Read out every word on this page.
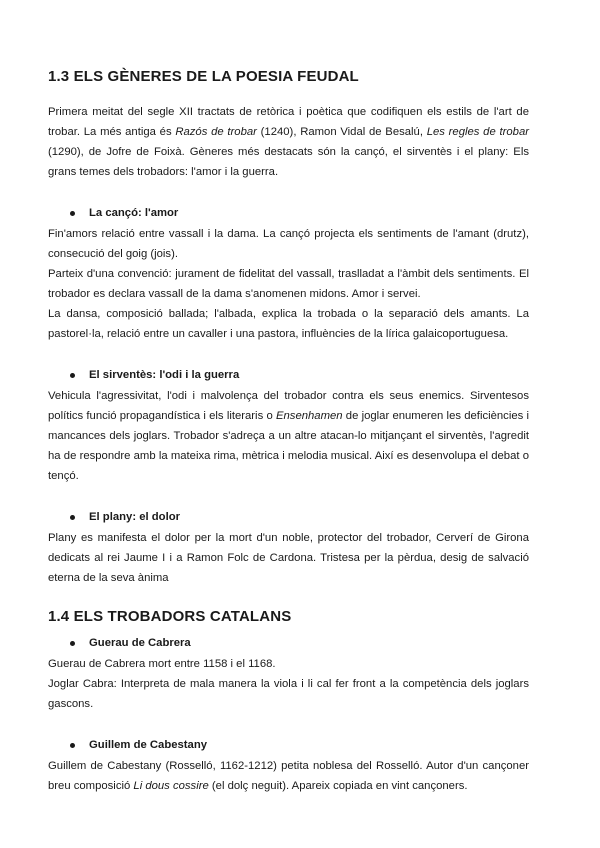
1.3 ELS GÈNERES DE LA POESIA FEUDAL

Primera meitat del segle XII tractats de retòrica i poètica que codifiquen els estils de l'art de trobar. La més antiga és Razós de trobar (1240), Ramon Vidal de Besalú, Les regles de trobar (1290), de Jofre de Foixà. Gèneres més destacats són la cançó, el sirventès i el plany: Els grans temes dels trobadors: l'amor i la guerra.

La cançó: l'amor

Fin'amors relació entre vassall i la dama. La cançó projecta els sentiments de l'amant (drutz), consecució del goig (jois).

Parteix d'una convenció: jurament de fidelitat del vassall, traslladat a l'àmbit dels sentiments. El trobador es declara vassall de la dama s'anomenen midons. Amor i servei.

La dansa, composició ballada; l'albada, explica la trobada o la separació dels amants. La pastorel·la, relació entre un cavaller i una pastora, influències de la lírica galaicoportuguesa.

El sirventès: l'odi i la guerra

Vehicula l'agressivitat, l'odi i malvolença del trobador contra els seus enemics. Sirventesos polítics funció propagandística i els literaris o Ensenhamen de joglar enumeren les deficiències i mancances dels joglars. Trobador s'adreça a un altre atacan-lo mitjançant el sirventès, l'agredit ha de respondre amb la mateixa rima, mètrica i melodia musical. Així es desenvolupa el debat o tençó.

El plany: el dolor

Plany es manifesta el dolor per la mort d'un noble, protector del trobador, Cerverí de Girona dedicats al rei Jaume I i a Ramon Folc de Cardona. Tristesa per la pèrdua, desig de salvació eterna de la seva ànima

1.4 ELS TROBADORS CATALANS
Guerau de Cabrera

Guerau de Cabrera mort entre 1158 i el 1168.

Joglar Cabra: Interpreta de mala manera la viola i li cal fer front a la competència dels joglars gascons.

Guillem de Cabestany

Guillem de Cabestany (Rosselló, 1162-1212) petita noblesa del Rosselló. Autor d'un cançoner breu composició Li dous cossire (el dolç neguit). Apareix copiada en vint cançoners.
